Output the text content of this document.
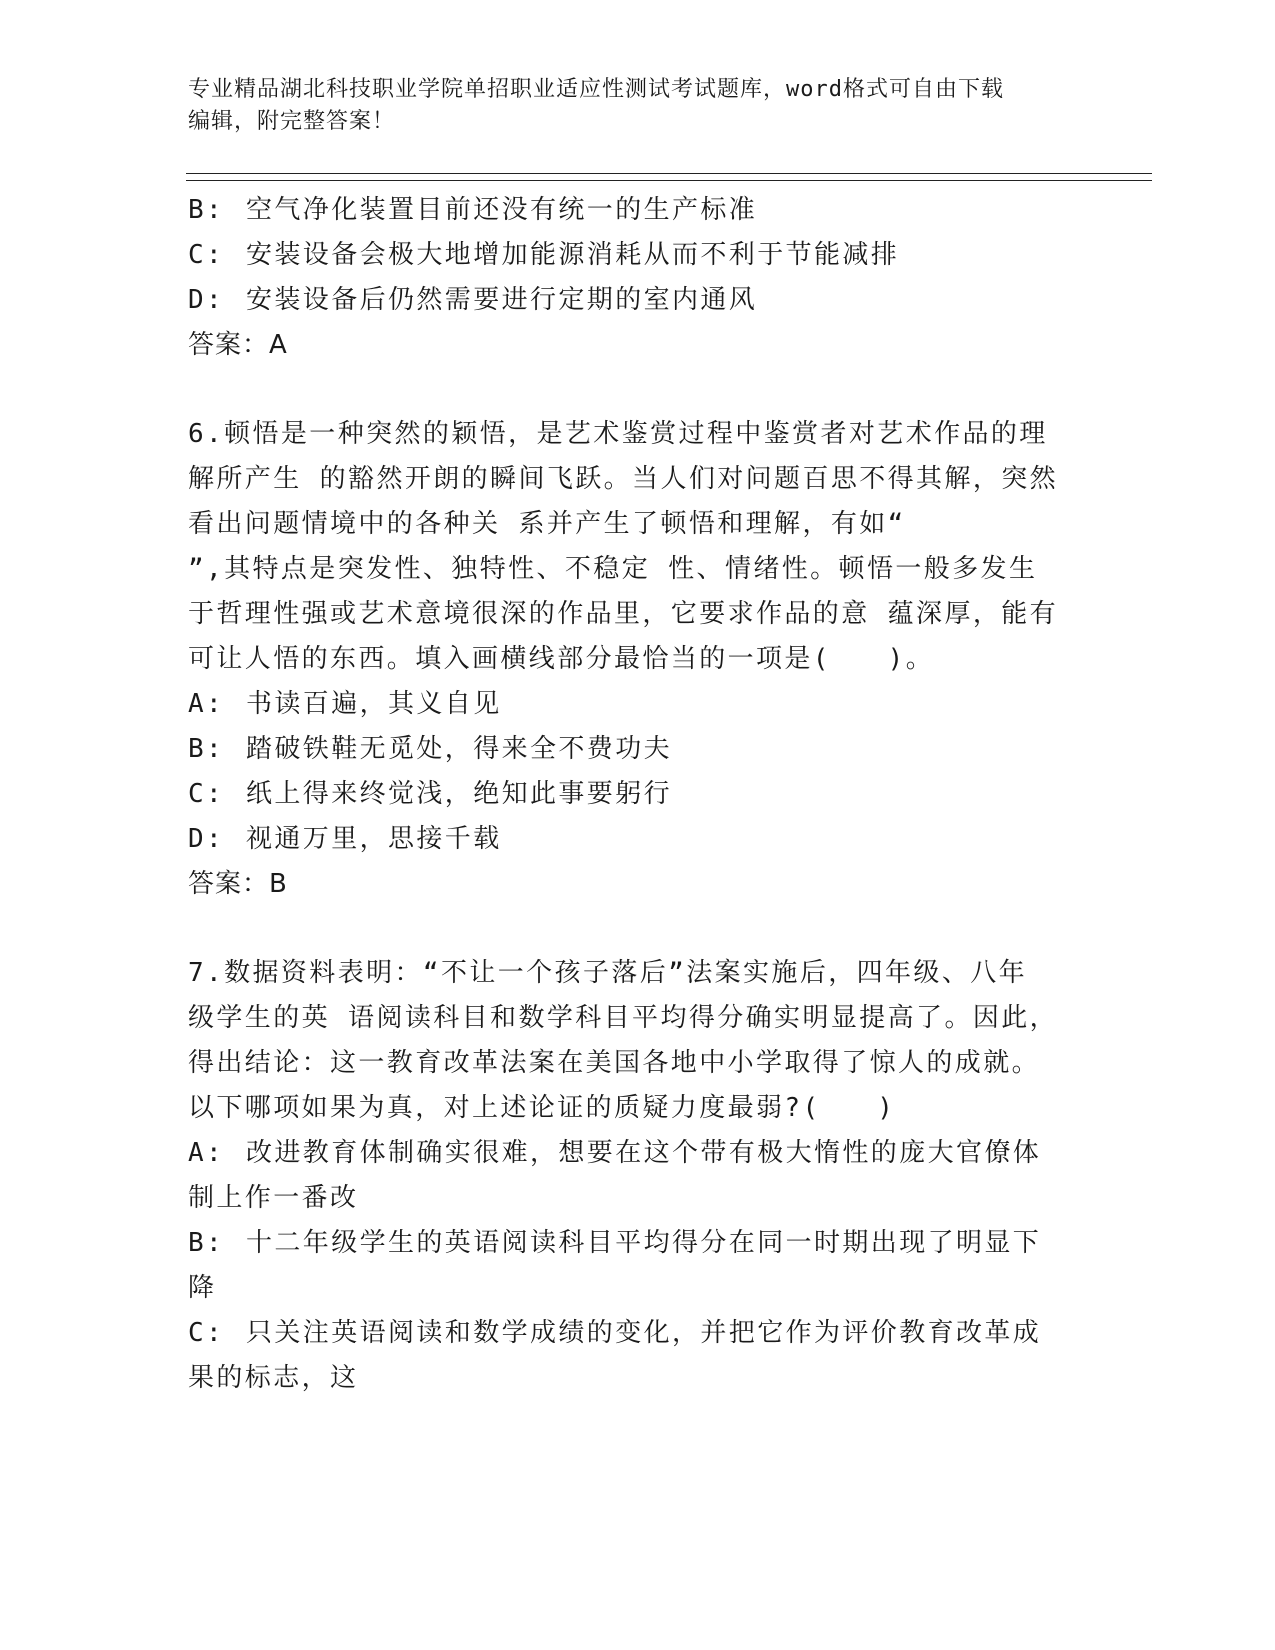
专业精品湖北科技职业学院单招职业适应性测试考试题库，word格式可自由下载
编辑，附完整答案！
B: 空气净化装置目前还没有统一的生产标准
C: 安装设备会极大地增加能源消耗从而不利于节能减排
D: 安装设备后仍然需要进行定期的室内通风
答案：A
6.顿悟是一种突然的颖悟，是艺术鉴赏过程中鉴赏者对艺术作品的理
解所产生 的豁然开朗的瞬间飞跃。当人们对问题百思不得其解，突然
看出问题情境中的各种关 系并产生了顿悟和理解，有如“
”,其特点是突发性、独特性、不稳定 性、情绪性。顿悟一般多发生
于哲理性强或艺术意境很深的作品里，它要求作品的意 蕴深厚，能有
可让人悟的东西。填入画横线部分最恰当的一项是(　　)。
A: 书读百遍，其义自见
B: 踏破铁鞋无觅处，得来全不费功夫
C: 纸上得来终觉浅，绝知此事要躬行
D: 视通万里，思接千载
答案：B
7.数据资料表明：“不让一个孩子落后”法案实施后，四年级、八年
级学生的英 语阅读科目和数学科目平均得分确实明显提高了。因此，
得出结论：这一教育改革法案在美国各地中小学取得了惊人的成就。
以下哪项如果为真，对上述论证的质疑力度最弱?(　　)
A: 改进教育体制确实很难，想要在这个带有极大惰性的庞大官僚体
制上作一番改
B: 十二年级学生的英语阅读科目平均得分在同一时期出现了明显下
降
C: 只关注英语阅读和数学成绩的变化，并把它作为评价教育改革成
果的标志，这
